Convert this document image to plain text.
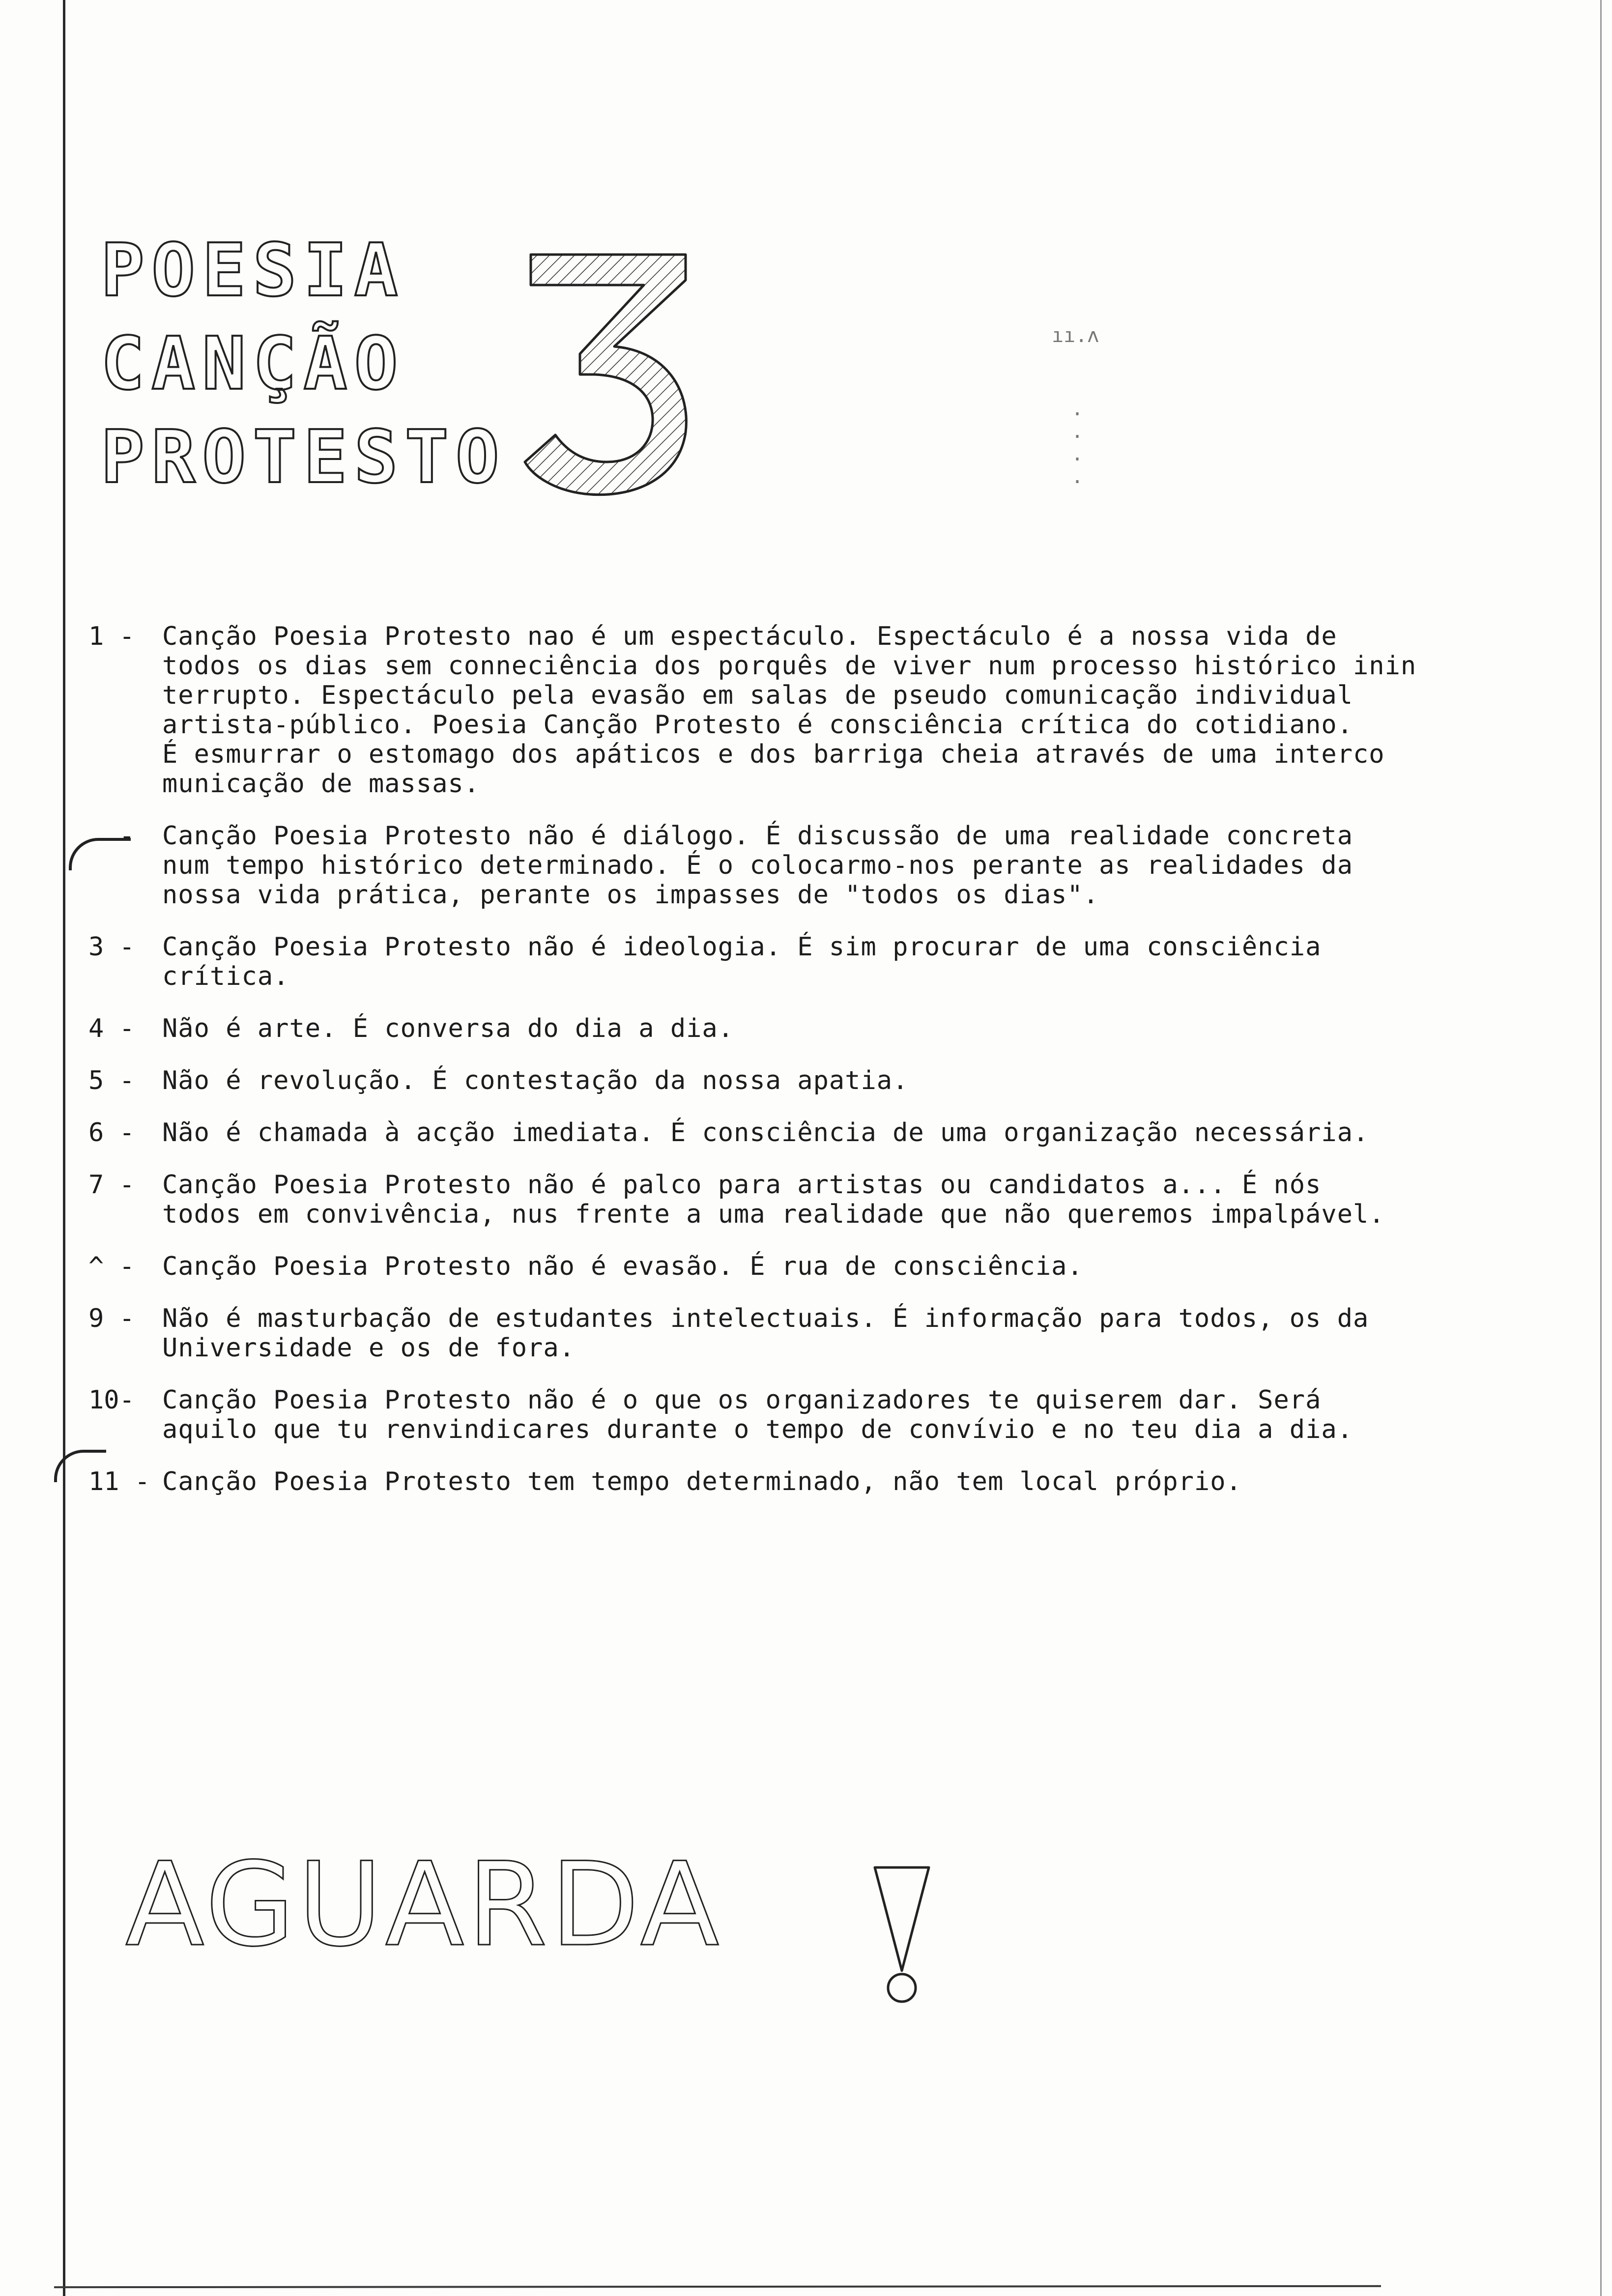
POESIA
CANÇÃO
PROTESTO
3
ıı.ʌ
· · · ·
1 -	Canção Poesia Protesto nao é um espectáculo. Espectáculo é a nossa vida de
todos os dias sem conneciência dos porquês de viver num processo histórico inin
terrupto. Espectáculo pela evasão em salas de pseudo comunicação individual
artista-público. Poesia Canção Protesto é consciência crítica do cotidiano.
É esmurrar o estomago dos apáticos e dos barriga cheia através de uma interco
municação de massas.
-	Canção Poesia Protesto não é diálogo. É discussão de uma realidade concreta
num tempo histórico determinado. É o colocarmo-nos perante as realidades da
nossa vida prática, perante os impasses de "todos os dias".
3 -	Canção Poesia Protesto não é ideologia. É sim procurar de uma consciência
crítica.
4 -	Não é arte. É conversa do dia a dia.
5 -	Não é revolução. É contestação da nossa apatia.
6 -	Não é chamada à acção imediata. É consciência de uma organização necessária.
7 -	Canção Poesia Protesto não é palco para artistas ou candidatos a... É nós
todos em convivência, nus frente a uma realidade que não queremos impalpável.
^ -	Canção Poesia Protesto não é evasão. É rua de consciência.
9 -	Não é masturbação de estudantes intelectuais. É informação para todos, os da
Universidade e os de fora.
10-	Canção Poesia Protesto não é o que os organizadores te quiserem dar. Será
aquilo que tu renvindicares durante o tempo de convívio e no teu dia a dia.
11 - Canção Poesia Protesto tem tempo determinado, não tem local próprio.
AGUARDA
